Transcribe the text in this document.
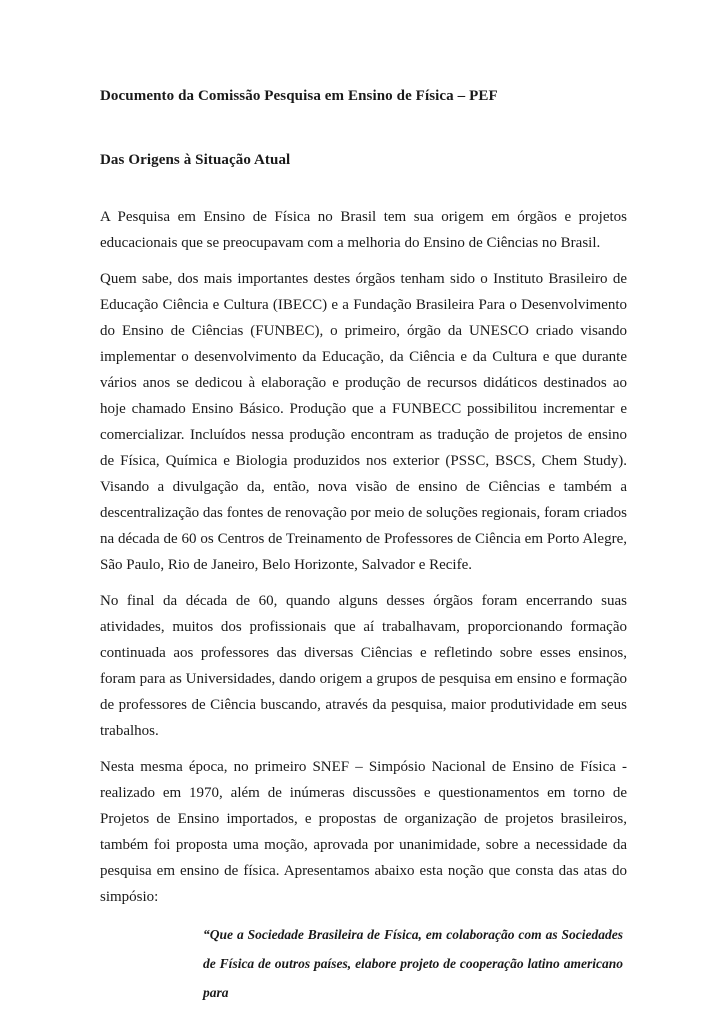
Documento da Comissão Pesquisa em Ensino de Física – PEF
Das Origens à Situação Atual

A Pesquisa em Ensino de Física no Brasil tem sua origem em órgãos e projetos educacionais que se preocupavam com a melhoria do Ensino de Ciências no Brasil.

Quem sabe, dos mais importantes destes órgãos tenham sido o Instituto Brasileiro de Educação Ciência e Cultura (IBECC) e a Fundação Brasileira Para o Desenvolvimento do Ensino de Ciências (FUNBEC), o primeiro, órgão da UNESCO criado visando implementar o desenvolvimento da Educação, da Ciência e da Cultura e que durante vários anos se dedicou à elaboração e produção de recursos didáticos destinados ao hoje chamado Ensino Básico. Produção que a FUNBECC possibilitou incrementar e comercializar. Incluídos nessa produção encontram as tradução de projetos de ensino de Física, Química e Biologia produzidos nos exterior (PSSC, BSCS, Chem Study). Visando a divulgação da, então, nova visão de ensino de Ciências e também a descentralização das fontes de renovação por meio de soluções regionais, foram criados na década de 60 os Centros de Treinamento de Professores de Ciência em Porto Alegre, São Paulo, Rio de Janeiro, Belo Horizonte, Salvador e Recife.

No final da década de 60, quando alguns desses órgãos foram encerrando suas atividades, muitos dos profissionais que aí trabalhavam, proporcionando formação continuada aos professores das diversas Ciências e refletindo sobre esses ensinos, foram para as Universidades, dando origem a grupos de pesquisa em ensino e formação de professores de Ciência buscando, através da pesquisa, maior produtividade em seus trabalhos.

Nesta mesma época, no primeiro SNEF – Simpósio Nacional de Ensino de Física - realizado em 1970, além de inúmeras discussões e questionamentos em torno de Projetos de Ensino importados, e propostas de organização de projetos brasileiros, também foi proposta uma moção, aprovada por unanimidade, sobre a necessidade da pesquisa em ensino de física. Apresentamos abaixo esta noção que consta das atas do simpósio:

“Que a Sociedade Brasileira de Física, em colaboração com as Sociedades de Física de outros países, elabore projeto de cooperação latino americano para
